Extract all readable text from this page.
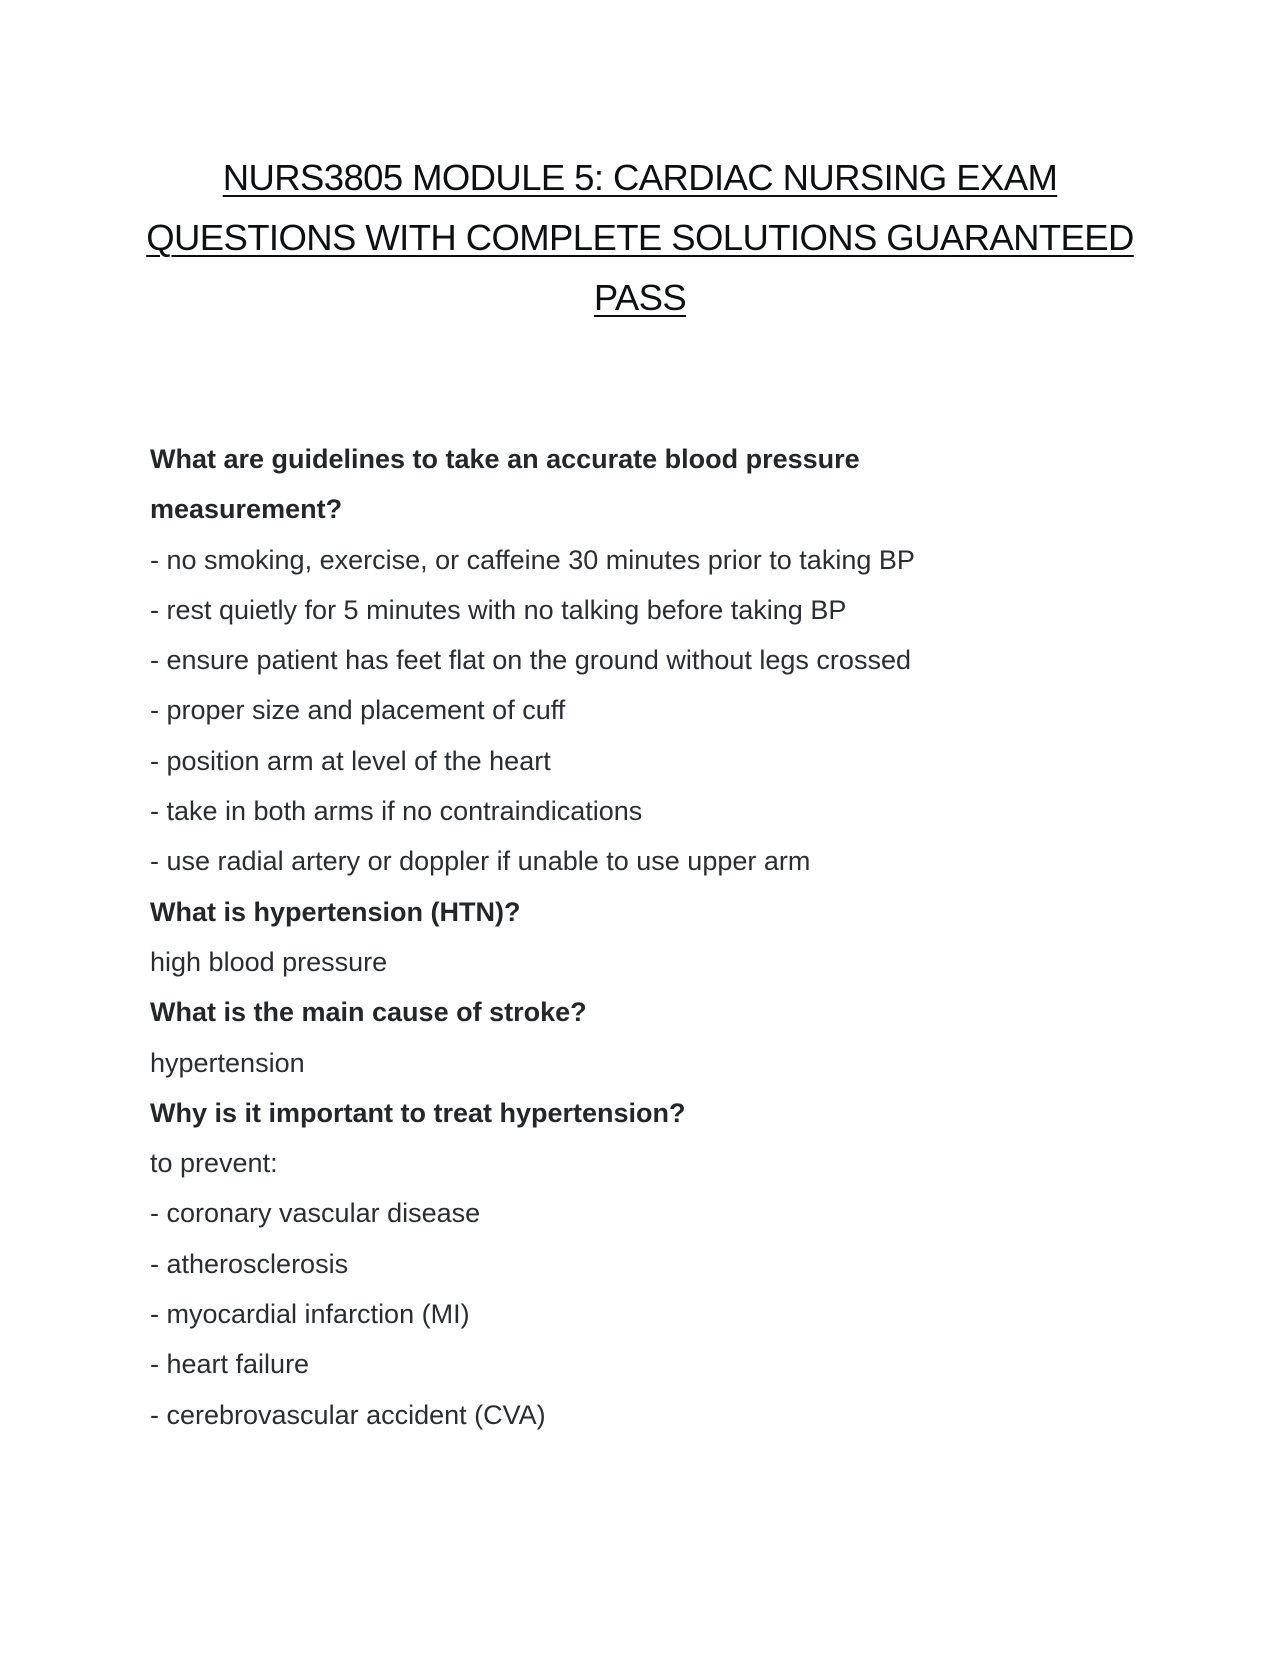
NURS3805 MODULE 5: CARDIAC NURSING EXAM
QUESTIONS WITH COMPLETE SOLUTIONS GUARANTEED
PASS
What are guidelines to take an accurate blood pressure
measurement?
- no smoking, exercise, or caffeine 30 minutes prior to taking BP
- rest quietly for 5 minutes with no talking before taking BP
- ensure patient has feet flat on the ground without legs crossed
- proper size and placement of cuff
- position arm at level of the heart
- take in both arms if no contraindications
- use radial artery or doppler if unable to use upper arm
What is hypertension (HTN)?
high blood pressure
What is the main cause of stroke?
hypertension
Why is it important to treat hypertension?
to prevent:
- coronary vascular disease
- atherosclerosis
- myocardial infarction (MI)
- heart failure
- cerebrovascular accident (CVA)
